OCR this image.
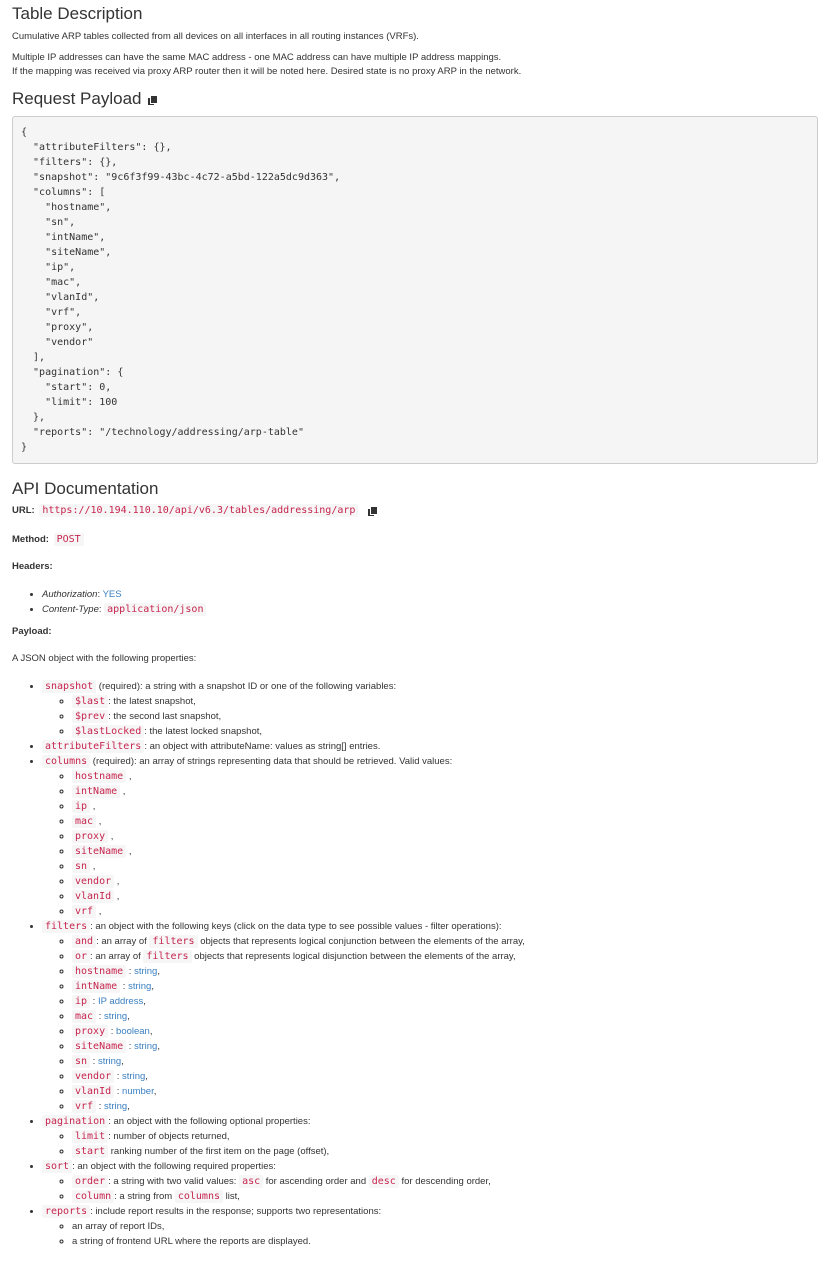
Table Description

Cumulative ARP tables collected from all devices on all interfaces in all routing instances (VRFs).

Multiple IP addresses can have the same MAC address - one MAC address can have multiple IP address mappings.

If the mapping was received via proxy ARP router then it will be noted here. Desired state is no proxy ARP in the network.

Request Payload
{
"attributeFilters": {},
"filters": {},
"snapshot": "9c6f3f99-43bc-4c72-a5bd-122a5dc9d363",
"columns": [
"hostname",
"sn",
"intName",
"siteName",
"ip",
"mac",
"vlanId",
"vrf",
"proxy",
"vendor"
],
"pagination": {
"start": 0,
"limit": 100
},
"reports": "/technology/addressing/arp-table"
}
API Documentation
URL: https://10.194.110.10/api/v6.3/tables/addressing/arp
Method: POST
Headers:
• Authorization: YES
• Content-Type: application/json
Payload:

A JSON object with the following properties:

• snapshot (required): a string with a snapshot ID or one of the following variables:
◦ $last : the latest snapshot,
◦ $prev : the second last snapshot,
◦ $lastLocked : the latest locked snapshot,
• attributeFilters : an object with attributeName: values as string[] entries.
• columns (required): an array of strings representing data that should be retrieved. Valid values:
◦ hostname ,
◦ intName ,
◦ ip ,
◦ mac ,
◦ proxy ,
◦ siteName ,
◦ sn ,
◦ vendor ,
◦ vlanId ,
◦ vrf ,
• filters : an object with the following keys (click on the data type to see possible values - filter operations):
◦ and : an array of filters objects that represents logical conjunction between the elements of the array,
◦ or : an array of filters objects that represents logical disjunction between the elements of the array,
◦ hostname : string,
◦ intName : string,
◦ ip : IP address,
◦ mac : string,
◦ proxy : boolean,
◦ siteName : string,
◦ sn : string,
◦ vendor : string,
◦ vlanId : number,
◦ vrf : string,
• pagination : an object with the following optional properties:
◦ limit : number of objects returned,
◦ start ranking number of the first item on the page (offset),
• sort : an object with the following required properties:
◦ order : a string with two valid values: asc for ascending order and desc for descending order,
◦ column : a string from columns list,
• reports : include report results in the response; supports two representations:
◦ an array of report IDs,
◦ a string of frontend URL where the reports are displayed.
